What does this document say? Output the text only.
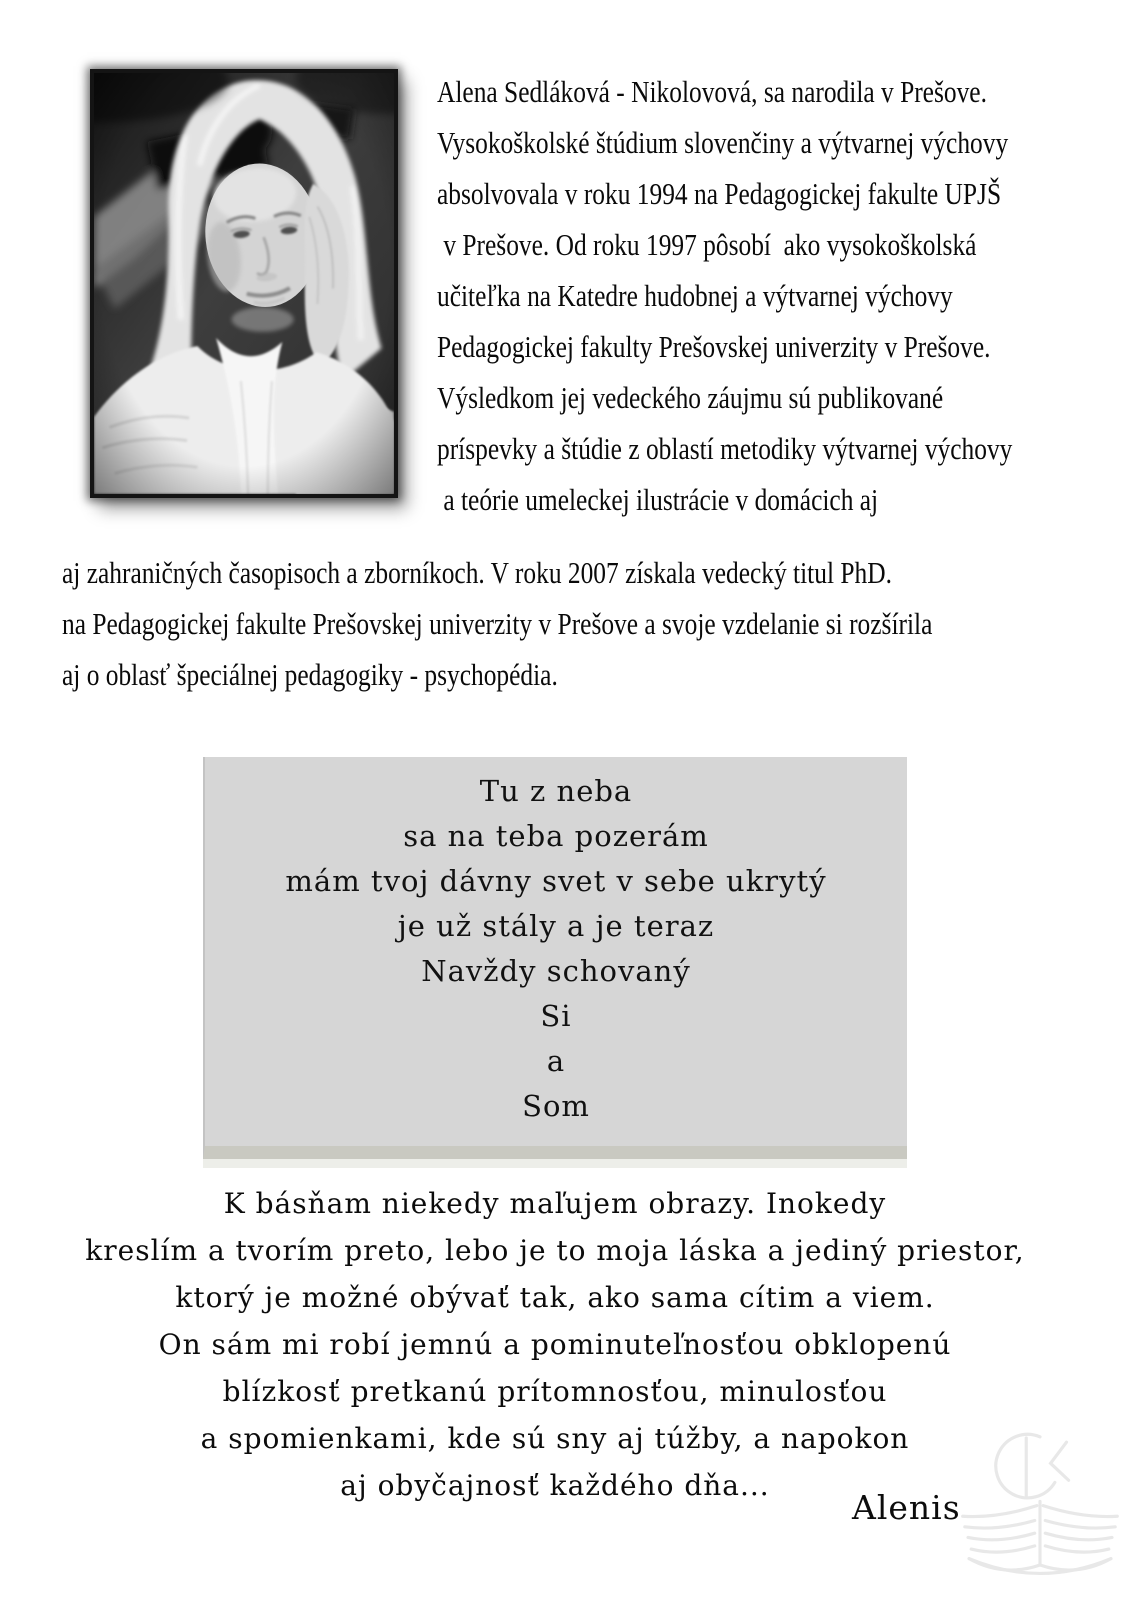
Alena Sedláková - Nikolovová, sa narodila v Prešove.
Vysokoškolské štúdium slovenčiny a výtvarnej výchovy
absolvovala v roku 1994 na Pedagogickej fakulte UPJŠ
v Prešove. Od roku 1997 pôsobí  ako vysokoškolská
učiteľka na Katedre hudobnej a výtvarnej výchovy
Pedagogickej fakulty Prešovskej univerzity v Prešove.
Výsledkom jej vedeckého záujmu sú publikované
príspevky a štúdie z oblastí metodiky výtvarnej výchovy
a teórie umeleckej ilustrácie v domácich aj
aj zahraničných časopisoch a zborníkoch. V roku 2007 získala vedecký titul PhD.
na Pedagogickej fakulte Prešovskej univerzity v Prešove a svoje vzdelanie si rozšírila
aj o oblasť špeciálnej pedagogiky - psychopédia.
Tu z neba
sa na teba pozerám
mám tvoj dávny svet v sebe ukrytý
je už stály a je teraz
Navždy schovaný
Si
a
Som
K básňam niekedy maľujem obrazy. Inokedy
kreslím a tvorím preto, lebo je to moja láska a jediný priestor,
ktorý je možné obývať tak, ako sama cítim a viem.
On sám mi robí jemnú a pominuteľnosťou obklopenú
blízkosť pretkanú prítomnosťou, minulosťou
a spomienkami, kde sú sny aj túžby, a napokon
aj obyčajnosť každého dňa...
Alenis
